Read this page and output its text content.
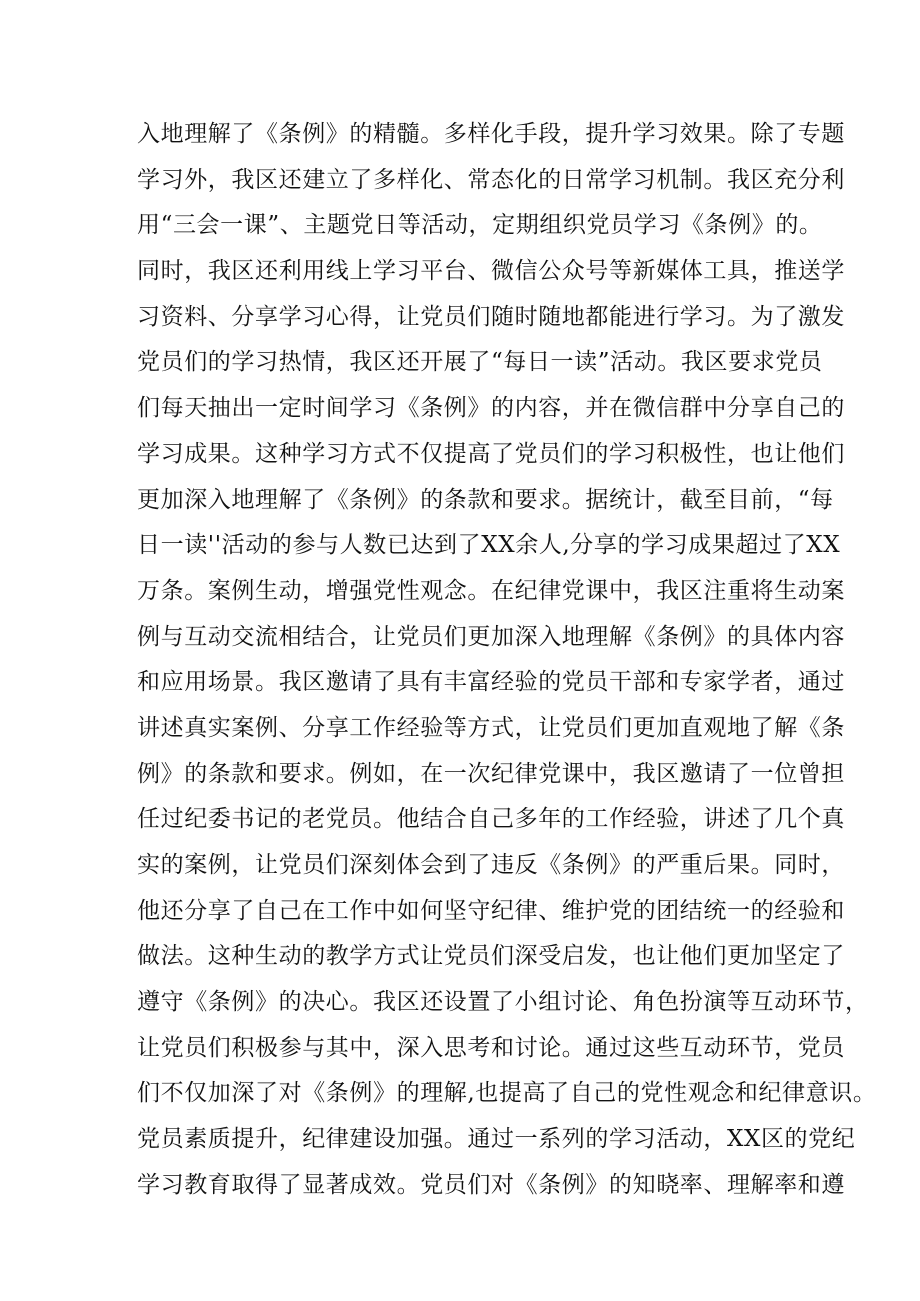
入地理解了《条例》的精髓。多样化手段，提升学习效果。除了专题
学习外，我区还建立了多样化、常态化的日常学习机制。我区充分利
用“三会一课”、主题党日等活动，定期组织党员学习《条例》的。
同时，我区还利用线上学习平台、微信公众号等新媒体工具，推送学
习资料、分享学习心得，让党员们随时随地都能进行学习。为了激发
党员们的学习热情，我区还开展了“每日一读”活动。我区要求党员
们每天抽出一定时间学习《条例》的内容，并在微信群中分享自己的
学习成果。这种学习方式不仅提高了党员们的学习积极性，也让他们
更加深入地理解了《条例》的条款和要求。据统计，截至目前，“每
日一读''活动的参与人数已达到了XX余人,分享的学习成果超过了XX
万条。案例生动，增强党性观念。在纪律党课中，我区注重将生动案
例与互动交流相结合，让党员们更加深入地理解《条例》的具体内容
和应用场景。我区邀请了具有丰富经验的党员干部和专家学者，通过
讲述真实案例、分享工作经验等方式，让党员们更加直观地了解《条
例》的条款和要求。例如，在一次纪律党课中，我区邀请了一位曾担
任过纪委书记的老党员。他结合自己多年的工作经验，讲述了几个真
实的案例，让党员们深刻体会到了违反《条例》的严重后果。同时，
他还分享了自己在工作中如何坚守纪律、维护党的团结统一的经验和
做法。这种生动的教学方式让党员们深受启发，也让他们更加坚定了
遵守《条例》的决心。我区还设置了小组讨论、角色扮演等互动环节，
让党员们积极参与其中，深入思考和讨论。通过这些互动环节，党员
们不仅加深了对《条例》的理解,也提高了自己的党性观念和纪律意识。
党员素质提升，纪律建设加强。通过一系列的学习活动，XX区的党纪
学习教育取得了显著成效。党员们对《条例》的知晓率、理解率和遵
